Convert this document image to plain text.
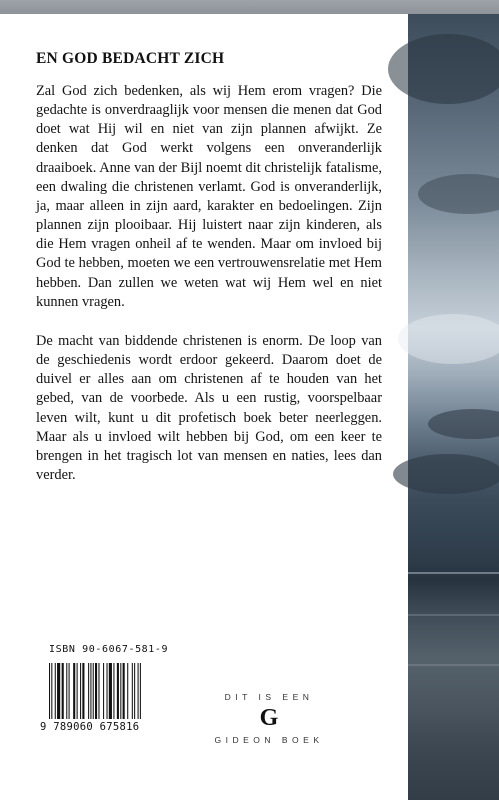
EN GOD BEDACHT ZICH

Zal God zich bedenken, als wij Hem erom vragen? Die gedachte is onverdraaglijk voor mensen die menen dat God doet wat Hij wil en niet van zijn plannen afwijkt. Ze denken dat God werkt volgens een onveranderlijk draaiboek. Anne van der Bijl noemt dit christelijk fatalisme, een dwaling die christenen verlamt. God is onveranderlijk, ja, maar alleen in zijn aard, karakter en bedoelingen. Zijn plannen zijn plooibaar. Hij luistert naar zijn kinderen, als die Hem vragen onheil af te wenden. Maar om invloed bij God te hebben, moeten we een vertrouwensrelatie met Hem hebben. Dan zullen we weten wat wij Hem wel en niet kunnen vragen.

De macht van biddende christenen is enorm. De loop van de geschiedenis wordt erdoor gekeerd. Daarom doet de duivel er alles aan om christenen af te houden van het gebed, van de voorbede. Als u een rustig, voorspelbaar leven wilt, kunt u dit profetisch boek beter neerleggen. Maar als u invloed wilt hebben bij God, om een keer te brengen in het tragisch lot van mensen en naties, lees dan verder.

ISBN 90-6067-581-9
9 789060 675816
DIT IS EEN
G
GIDEON BOEK
